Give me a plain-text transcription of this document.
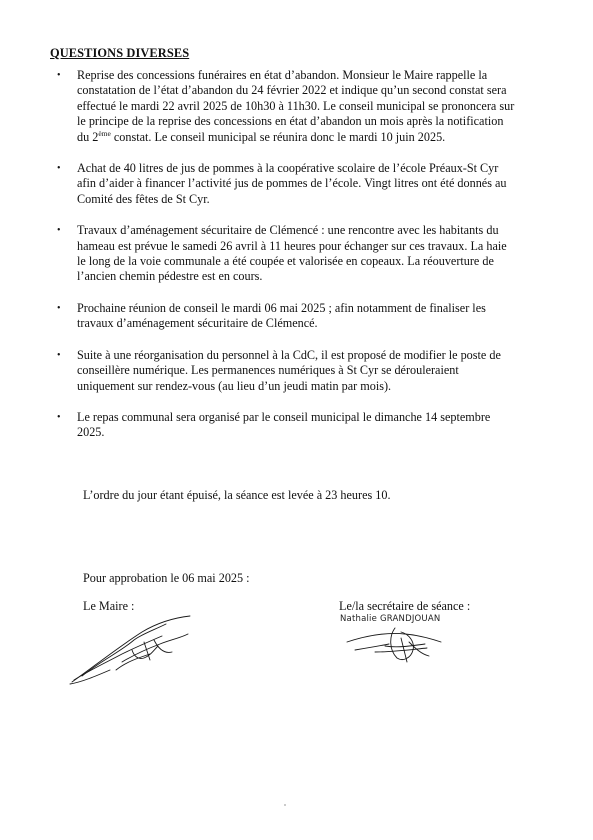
QUESTIONS DIVERSES
• Reprise des concessions funéraires en état d’abandon. Monsieur le Maire rappelle la constatation de l’état d’abandon du 24 février 2022 et indique qu’un second constat sera effectué le mardi 22 avril 2025 de 10h30 à 11h30. Le conseil municipal se prononcera sur le principe de la reprise des concessions en état d’abandon un mois après la notification du 2ème constat. Le conseil municipal se réunira donc le mardi 10 juin 2025.
• Achat de 40 litres de jus de pommes à la coopérative scolaire de l’école Préaux-St Cyr afin d’aider à financer l’activité jus de pommes de l’école. Vingt litres ont été donnés au Comité des fêtes de St Cyr.
• Travaux d’aménagement sécuritaire de Clémencé : une rencontre avec les habitants du hameau est prévue le samedi 26 avril à 11 heures pour échanger sur ces travaux. La haie le long de la voie communale a été coupée et valorisée en copeaux. La réouverture de l’ancien chemin pédestre est en cours.
• Prochaine réunion de conseil le mardi 06 mai 2025 ; afin notamment de finaliser les travaux d’aménagement sécuritaire de Clémencé.
• Suite à une réorganisation du personnel à la CdC, il est proposé de modifier le poste de conseillère numérique. Les permanences numériques à St Cyr se dérouleraient uniquement sur rendez-vous (au lieu d’un jeudi matin par mois).
• Le repas communal sera organisé par le conseil municipal le dimanche 14 septembre 2025.
L’ordre du jour étant épuisé, la séance est levée à 23 heures 10.
Pour approbation le 06 mai 2025 :
Le Maire :	Le/la secrétaire de séance :
Nathalie GRANDJOUAN
